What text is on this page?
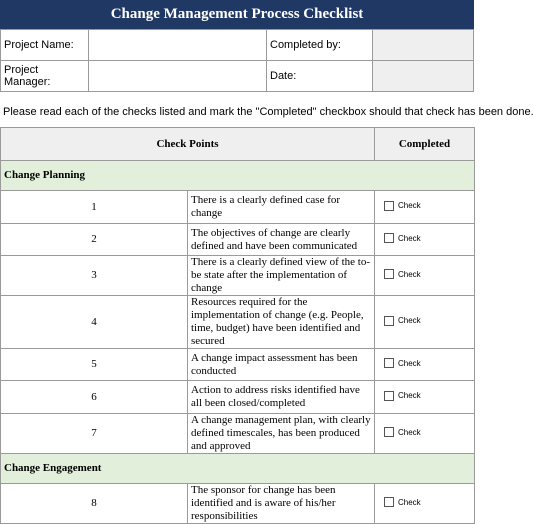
Change Management Process Checklist
Project Name:		Completed by:	
Project Manager:		Date:	
Please read each of the checks listed and mark the "Completed" checkbox should that check has been done.
Check Points		Completed
Change Planning		
1	There is a clearly defined case for change	Check

2	The objectives of change are clearly defined and have been communicated	Check

3	There is a clearly defined view of the to-be state after the implementation of change	Check

4	Resources required for the implementation of change (e.g. People, time, budget) have been identified and secured	Check

5	A change impact assessment has been conducted	Check

6	Action to address risks identified have all been closed/completed	Check

7	A change management plan, with clearly defined timescales, has been produced and approved	Check

Change Engagement		
8	The sponsor for change has been identified and is aware of his/her responsibilities	Check
